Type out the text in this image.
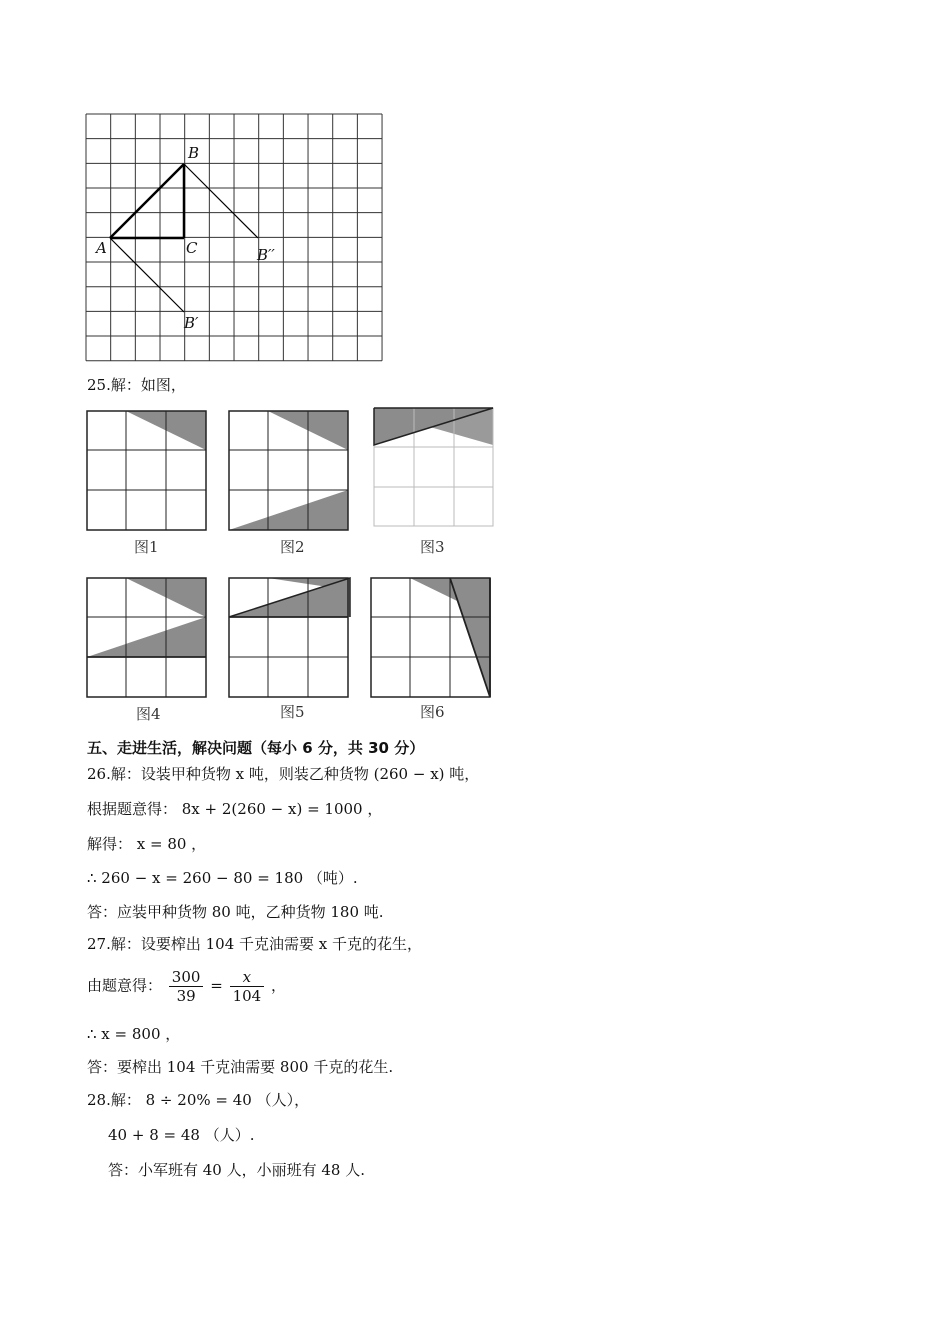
B
A	C	B′′
B′
25.解：如图，
图1	图2	图3
图4	图5	图6
五、走进生活，解决问题（每小 6 分，共 30 分）
26.解：设装甲种货物 x 吨，则装乙种货物 (260 − x) 吨，
根据题意得： 8x + 2(260 − x) = 1000 ，
解得： x = 80 ，
∴ 260 − x = 260 − 80 = 180 （吨）.
答：应装甲种货物 80 吨，乙种货物 180 吨.
27.解：设要榨出 104 千克油需要 x 千克的花生，
由题意得： $\frac{300}{39} = \frac{x}{104}$ ，
∴ x = 800 ，
答：要榨出 104 千克油需要 800 千克的花生.
28.解： 8 ÷ 20% = 40 （人），
40 + 8 = 48 （人）.
答：小军班有 40 人，小丽班有 48 人.
